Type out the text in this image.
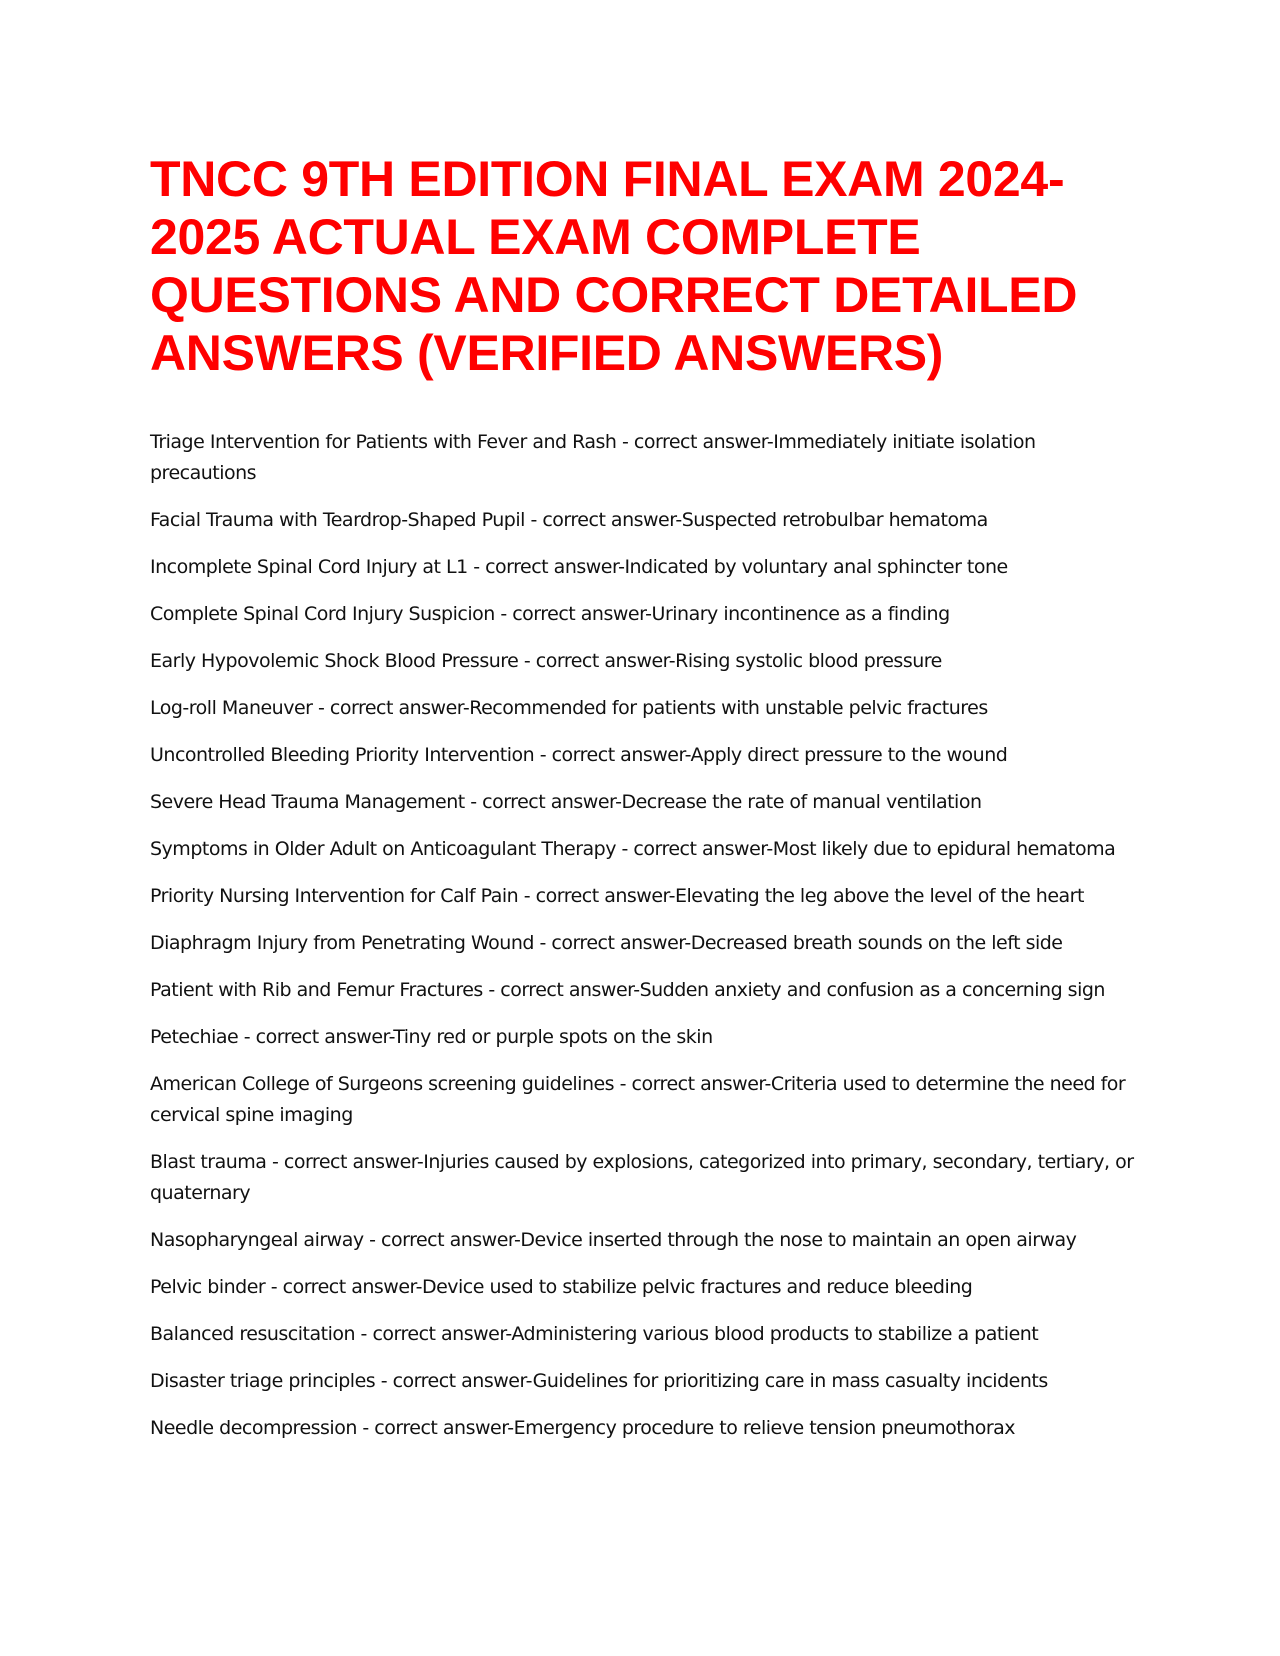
TNCC 9TH EDITION FINAL EXAM 2024-2025 ACTUAL EXAM COMPLETE QUESTIONS AND CORRECT DETAILED ANSWERS (VERIFIED ANSWERS)
Triage Intervention for Patients with Fever and Rash - correct answer-Immediately initiate isolation precautions
Facial Trauma with Teardrop-Shaped Pupil - correct answer-Suspected retrobulbar hematoma
Incomplete Spinal Cord Injury at L1 - correct answer-Indicated by voluntary anal sphincter tone
Complete Spinal Cord Injury Suspicion - correct answer-Urinary incontinence as a finding
Early Hypovolemic Shock Blood Pressure - correct answer-Rising systolic blood pressure
Log-roll Maneuver - correct answer-Recommended for patients with unstable pelvic fractures
Uncontrolled Bleeding Priority Intervention - correct answer-Apply direct pressure to the wound
Severe Head Trauma Management - correct answer-Decrease the rate of manual ventilation
Symptoms in Older Adult on Anticoagulant Therapy - correct answer-Most likely due to epidural hematoma
Priority Nursing Intervention for Calf Pain - correct answer-Elevating the leg above the level of the heart
Diaphragm Injury from Penetrating Wound - correct answer-Decreased breath sounds on the left side
Patient with Rib and Femur Fractures - correct answer-Sudden anxiety and confusion as a concerning sign
Petechiae - correct answer-Tiny red or purple spots on the skin
American College of Surgeons screening guidelines - correct answer-Criteria used to determine the need for cervical spine imaging
Blast trauma - correct answer-Injuries caused by explosions, categorized into primary, secondary, tertiary, or quaternary
Nasopharyngeal airway - correct answer-Device inserted through the nose to maintain an open airway
Pelvic binder - correct answer-Device used to stabilize pelvic fractures and reduce bleeding
Balanced resuscitation - correct answer-Administering various blood products to stabilize a patient
Disaster triage principles - correct answer-Guidelines for prioritizing care in mass casualty incidents
Needle decompression - correct answer-Emergency procedure to relieve tension pneumothorax
